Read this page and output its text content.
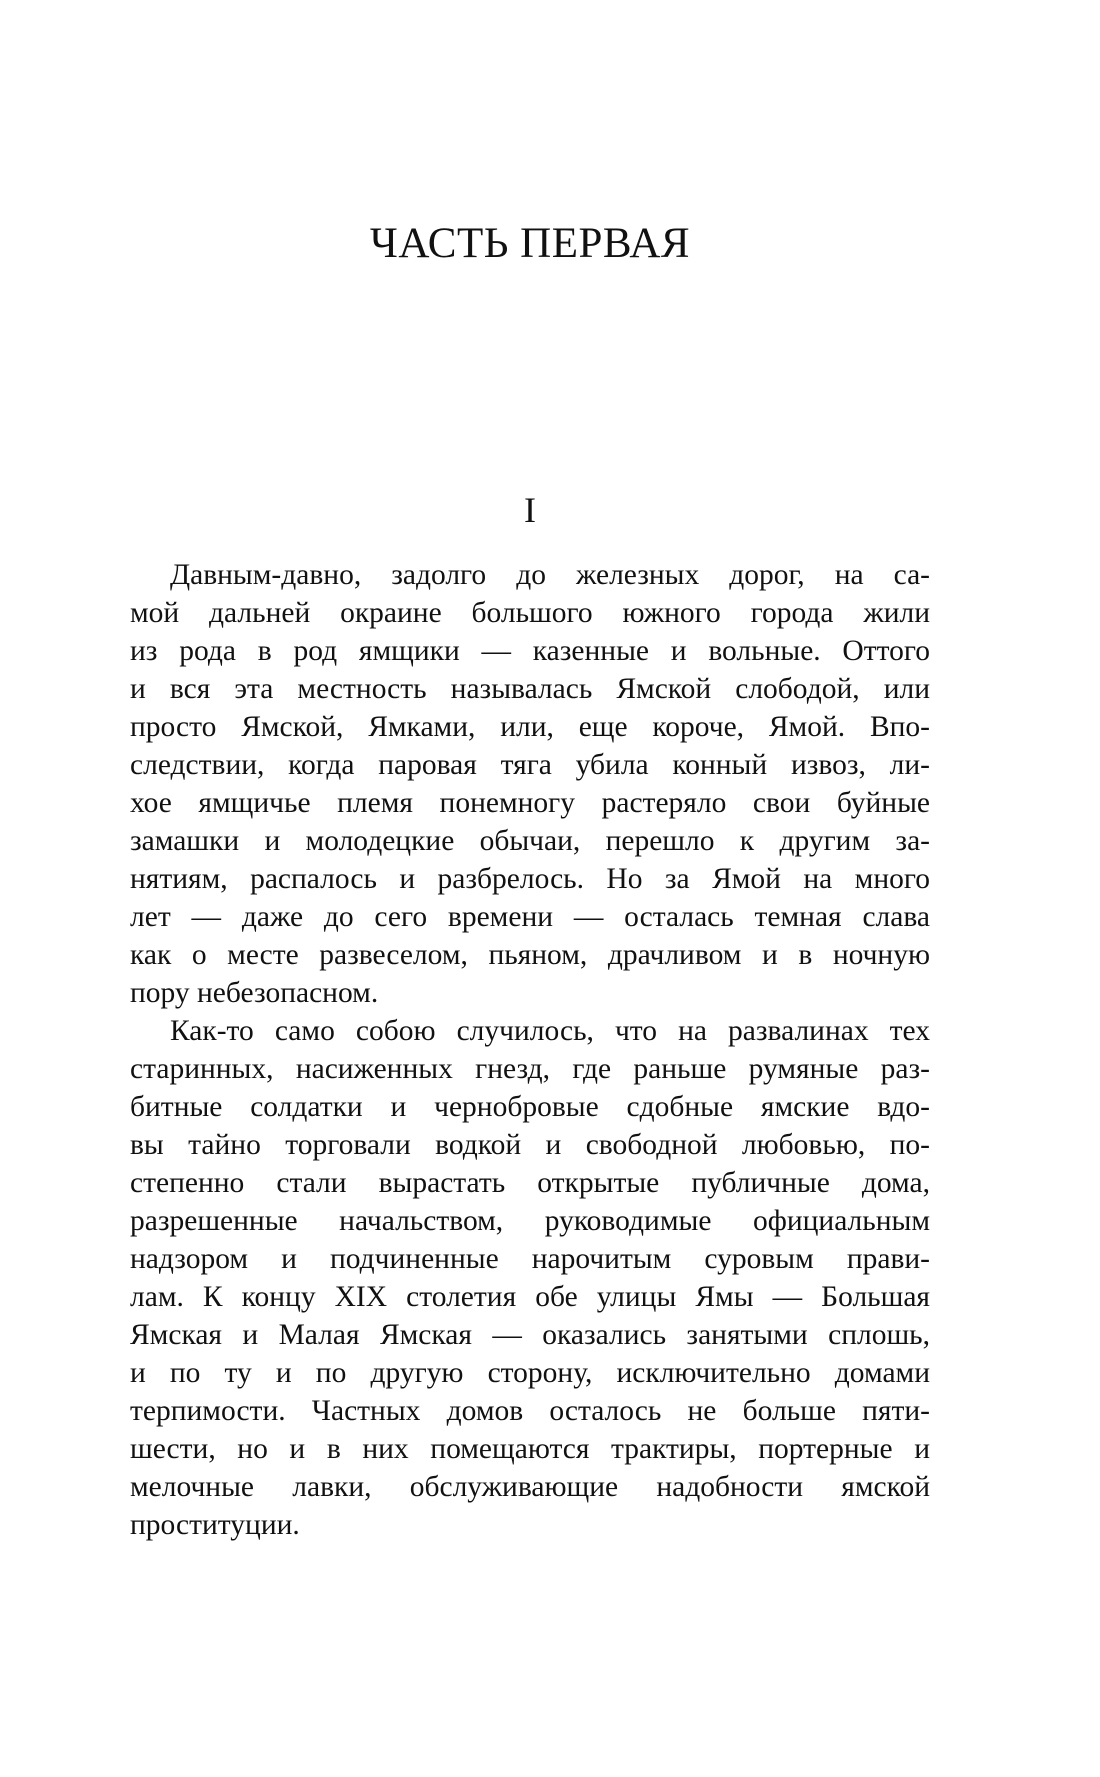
ЧАСТЬ ПЕРВАЯ
I

Давным-давно, задолго до железных дорог, на са-

мой дальней окраине большого южного города жили

из рода в род ямщики — казенные и вольные. Оттого

и вся эта местность называлась Ямской слободой, или

просто Ямской, Ямками, или, еще короче, Ямой. Впо-

следствии, когда паровая тяга убила конный извоз, ли-

хое ямщичье племя понемногу растеряло свои буйные

замашки и молодецкие обычаи, перешло к другим за-

нятиям, распалось и разбрелось. Но за Ямой на много

лет — даже до сего времени — осталась темная слава

как о месте развеселом, пьяном, драчливом и в ночную

пору небезопасном.

Как-то само собою случилось, что на развалинах тех

старинных, насиженных гнезд, где раньше румяные раз-

битные солдатки и чернобровые сдобные ямские вдо-

вы тайно торговали водкой и свободной любовью, по-

степенно стали вырастать открытые публичные дома,

разрешенные начальством, руководимые официальным

надзором и подчиненные нарочитым суровым прави-

лам. К концу XIX столетия обе улицы Ямы — Большая

Ямская и Малая Ямская — оказались занятыми сплошь,

и по ту и по другую сторону, исключительно домами

терпимости. Частных домов осталось не больше пяти-

шести, но и в них помещаются трактиры, портерные и

мелочные лавки, обслуживающие надобности ямской

проституции.
